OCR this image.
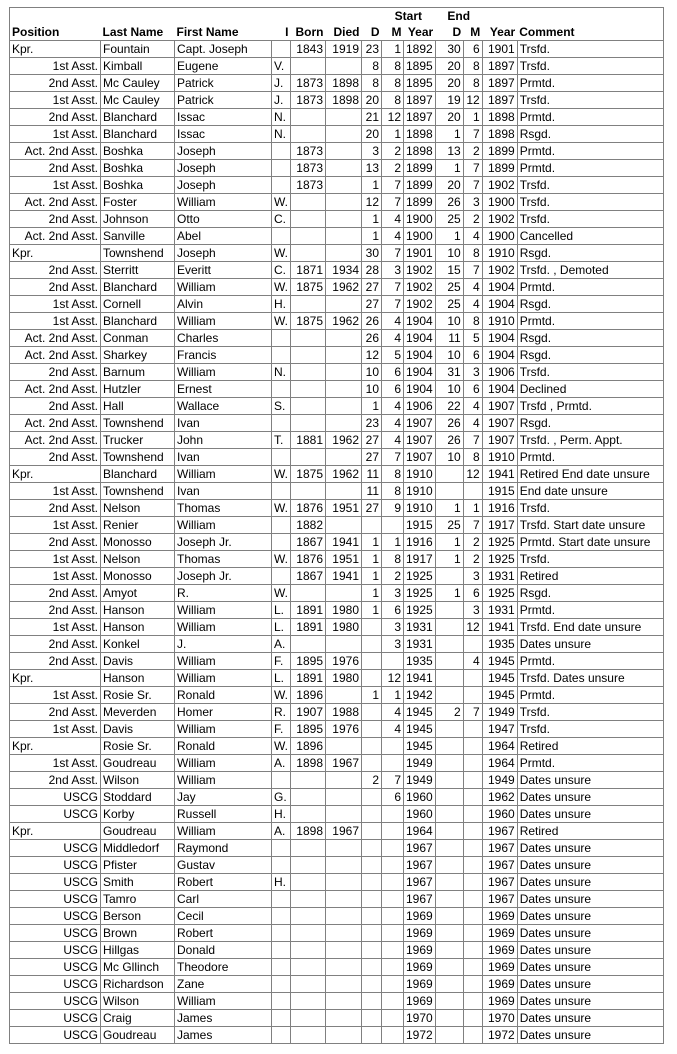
							Start		End			
Position	Last Name	First Name	I	Born	Died	D	M	Year	D	M	Year	Comment
Kpr.	Fountain	Capt. Joseph		1843	1919	23	1	1892	30	6	1901	Trsfd.
1st Asst.	Kimball	Eugene	V.			8	8	1895	20	8	1897	Trsfd.
2nd Asst.	Mc Cauley	Patrick	J.	1873	1898	8	8	1895	20	8	1897	Prmtd.
1st Asst.	Mc Cauley	Patrick	J.	1873	1898	20	8	1897	19	12	1897	Trsfd.
2nd Asst.	Blanchard	Issac	N.			21	12	1897	20	1	1898	Prmtd.
1st Asst.	Blanchard	Issac	N.			20	1	1898	1	7	1898	Rsgd.
Act. 2nd Asst.	Boshka	Joseph		1873		3	2	1898	13	2	1899	Prmtd.
2nd Asst.	Boshka	Joseph		1873		13	2	1899	1	7	1899	Prmtd.
1st Asst.	Boshka	Joseph		1873		1	7	1899	20	7	1902	Trsfd.
Act. 2nd Asst.	Foster	William	W.			12	7	1899	26	3	1900	Trsfd.
2nd Asst.	Johnson	Otto	C.			1	4	1900	25	2	1902	Trsfd.
Act. 2nd Asst.	Sanville	Abel				1	4	1900	1	4	1900	Cancelled
Kpr.	Townshend	Joseph	W.			30	7	1901	10	8	1910	Rsgd.
2nd Asst.	Sterritt	Everitt	C.	1871	1934	28	3	1902	15	7	1902	Trsfd. , Demoted
2nd Asst.	Blanchard	William	W.	1875	1962	27	7	1902	25	4	1904	Prmtd.
1st Asst.	Cornell	Alvin	H.			27	7	1902	25	4	1904	Rsgd.
1st Asst.	Blanchard	William	W.	1875	1962	26	4	1904	10	8	1910	Prmtd.
Act. 2nd Asst.	Conman	Charles				26	4	1904	11	5	1904	Rsgd.
Act. 2nd Asst.	Sharkey	Francis				12	5	1904	10	6	1904	Rsgd.
2nd Asst.	Barnum	William	N.			10	6	1904	31	3	1906	Trsfd.
Act. 2nd Asst.	Hutzler	Ernest				10	6	1904	10	6	1904	Declined
2nd Asst.	Hall	Wallace	S.			1	4	1906	22	4	1907	Trsfd , Prmtd.
Act. 2nd Asst.	Townshend	Ivan				23	4	1907	26	4	1907	Rsgd.
Act. 2nd Asst.	Trucker	John	T.	1881	1962	27	4	1907	26	7	1907	Trsfd. , Perm. Appt.
2nd Asst.	Townshend	Ivan				27	7	1907	10	8	1910	Prmtd.
Kpr.	Blanchard	William	W.	1875	1962	11	8	1910		12	1941	Retired End date unsure
1st Asst.	Townshend	Ivan				11	8	1910			1915	End date unsure
2nd Asst.	Nelson	Thomas	W.	1876	1951	27	9	1910	1	1	1916	Trsfd.
1st Asst.	Renier	William		1882				1915	25	7	1917	Trsfd. Start date unsure
2nd Asst.	Monosso	Joseph Jr.		1867	1941	1	1	1916	1	2	1925	Prmtd. Start date unsure
1st Asst.	Nelson	Thomas	W.	1876	1951	1	8	1917	1	2	1925	Trsfd.
1st Asst.	Monosso	Joseph Jr.		1867	1941	1	2	1925		3	1931	Retired
2nd Asst.	Amyot	R.	W.			1	3	1925	1	6	1925	Rsgd.
2nd Asst.	Hanson	William	L.	1891	1980	1	6	1925		3	1931	Prmtd.
1st Asst.	Hanson	William	L.	1891	1980		3	1931		12	1941	Trsfd. End date unsure
2nd Asst.	Konkel	J.	A.				3	1931			1935	Dates unsure
2nd Asst.	Davis	William	F.	1895	1976			1935		4	1945	Prmtd.
Kpr.	Hanson	William	L.	1891	1980		12	1941			1945	Trsfd. Dates unsure
1st Asst.	Rosie Sr.	Ronald	W.	1896		1	1	1942			1945	Prmtd.
2nd Asst.	Meverden	Homer	R.	1907	1988		4	1945	2	7	1949	Trsfd.
1st Asst.	Davis	William	F.	1895	1976		4	1945			1947	Trsfd.
Kpr.	Rosie Sr.	Ronald	W.	1896				1945			1964	Retired
1st Asst.	Goudreau	William	A.	1898	1967			1949			1964	Prmtd.
2nd Asst.	Wilson	William				2	7	1949			1949	Dates unsure
USCG	Stoddard	Jay	G.				6	1960			1962	Dates unsure
USCG	Korby	Russell	H.					1960			1960	Dates unsure
Kpr.	Goudreau	William	A.	1898	1967			1964			1967	Retired
USCG	Middledorf	Raymond						1967			1967	Dates unsure
USCG	Pfister	Gustav						1967			1967	Dates unsure
USCG	Smith	Robert	H.					1967			1967	Dates unsure
USCG	Tamro	Carl						1967			1967	Dates unsure
USCG	Berson	Cecil						1969			1969	Dates unsure
USCG	Brown	Robert						1969			1969	Dates unsure
USCG	Hillgas	Donald						1969			1969	Dates unsure
USCG	Mc Gllinch	Theodore						1969			1969	Dates unsure
USCG	Richardson	Zane						1969			1969	Dates unsure
USCG	Wilson	William						1969			1969	Dates unsure
USCG	Craig	James						1970			1970	Dates unsure
USCG	Goudreau	James						1972			1972	Dates unsure
